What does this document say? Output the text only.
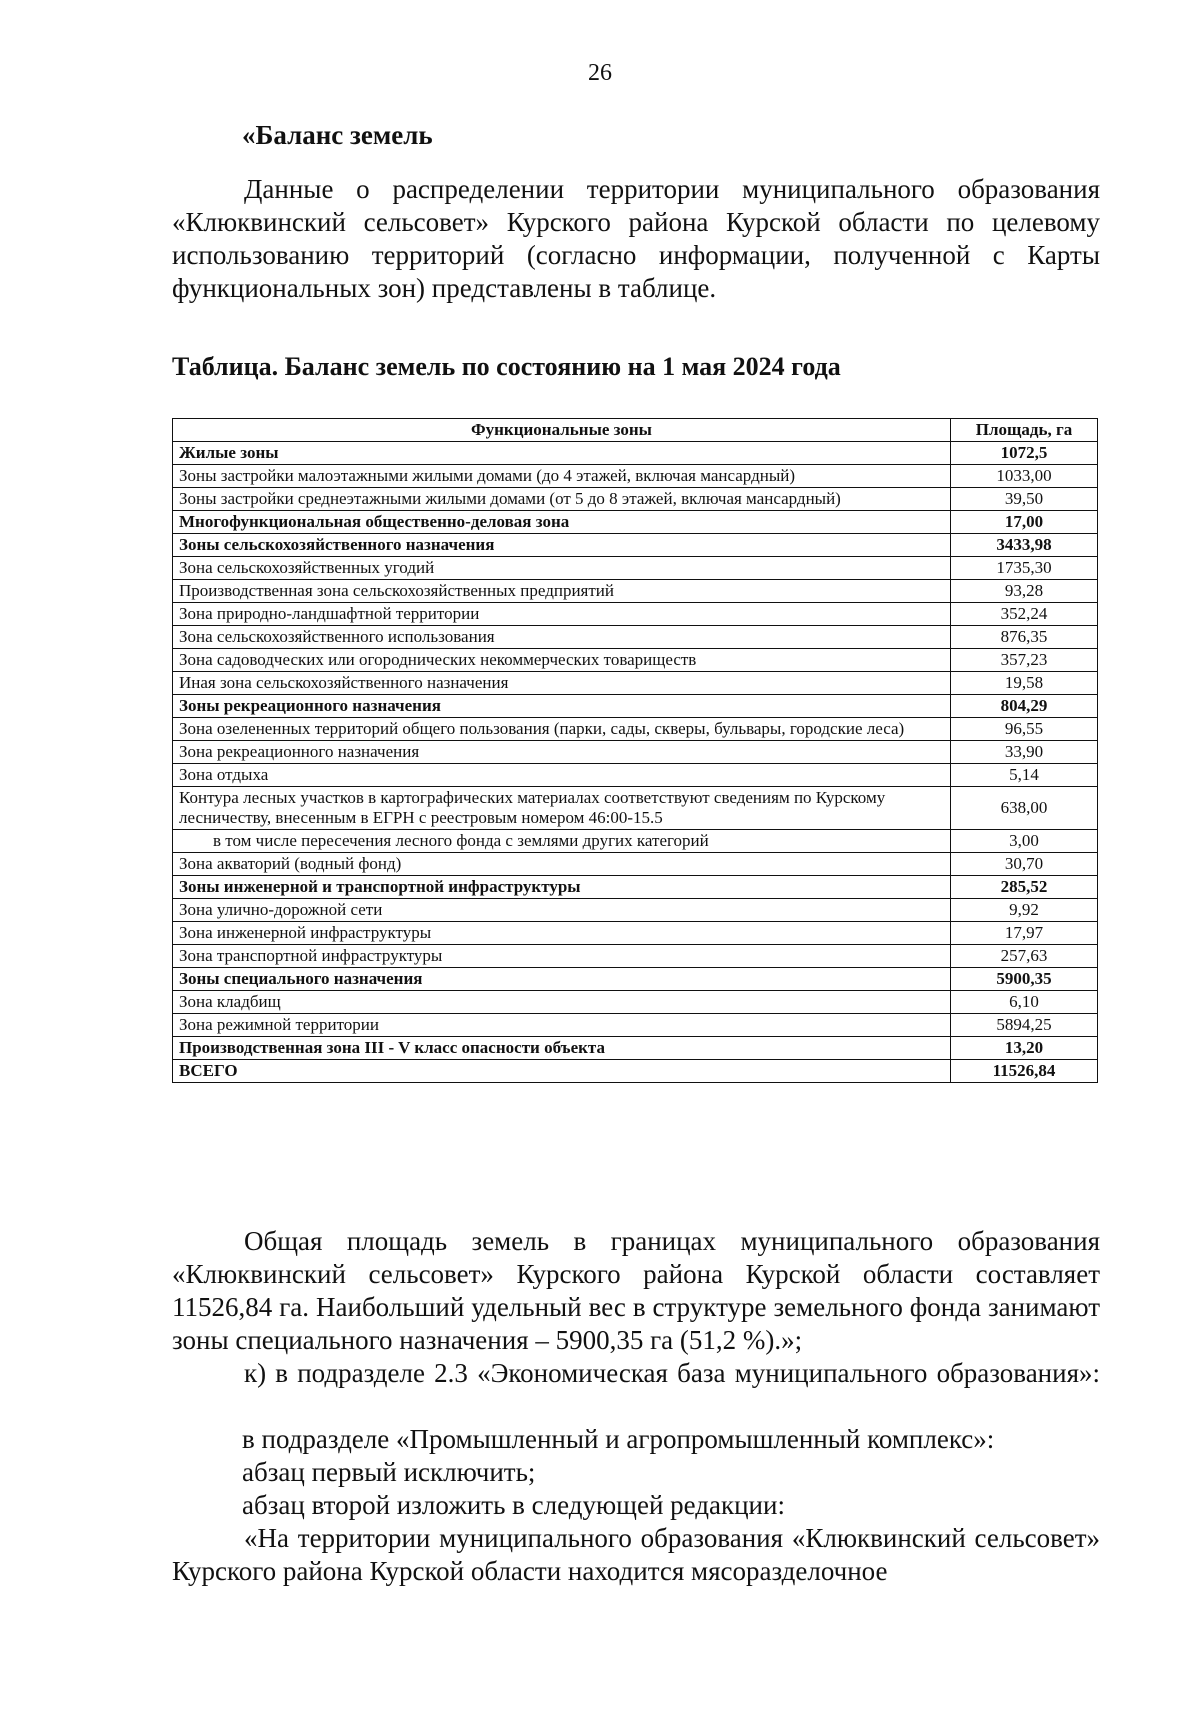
26
«Баланс земель
Данные о распределении территории муниципального образования «Клюквинский сельсовет» Курского района Курской области по целевому использованию территорий (согласно информации, полученной с Карты функциональных зон) представлены в таблице.
Таблица. Баланс земель по состоянию на 1 мая 2024 года
Функциональные зоны	Площадь, га
Жилые зоны	1072,5
Зоны застройки малоэтажными жилыми домами (до 4 этажей, включая мансардный)	1033,00
Зоны застройки среднеэтажными жилыми домами (от 5 до 8 этажей, включая мансардный)	39,50
Многофункциональная общественно-деловая зона	17,00
Зоны сельскохозяйственного назначения	3433,98
Зона сельскохозяйственных угодий	1735,30
Производственная зона сельскохозяйственных предприятий	93,28
Зона природно-ландшафтной территории	352,24
Зона сельскохозяйственного использования	876,35
Зона садоводческих или огороднических некоммерческих товариществ	357,23
Иная зона сельскохозяйственного назначения	19,58
Зоны рекреационного назначения	804,29
Зона озелененных территорий общего пользования (парки, сады, скверы, бульвары, городские леса)	96,55
Зона рекреационного назначения	33,90
Зона отдыха	5,14
Контура лесных участков в картографических материалах соответствуют сведениям по Курскому лесничеству, внесенным в ЕГРН с реестровым номером 46:00-15.5	638,00
в том числе пересечения лесного фонда с землями других категорий	3,00
Зона акваторий (водный фонд)	30,70
Зоны инженерной и транспортной инфраструктуры	285,52
Зона улично-дорожной сети	9,92
Зона инженерной инфраструктуры	17,97
Зона транспортной инфраструктуры	257,63
Зоны специального назначения	5900,35
Зона кладбищ	6,10
Зона режимной территории	5894,25
Производственная зона III - V класс опасности объекта	13,20
ВСЕГО	11526,84
Общая площадь земель в границах муниципального образования «Клюквинский сельсовет» Курского района Курской области составляет 11526,84 га. Наибольший удельный вес в структуре земельного фонда занимают зоны специального назначения – 5900,35 га (51,2 %).»;
к) в подразделе 2.3 «Экономическая база муниципального образования»:
в подразделе «Промышленный и агропромышленный комплекс»:
абзац первый исключить;
абзац второй изложить в следующей редакции:
«На территории муниципального образования «Клюквинский сельсовет» Курского района Курской области находится мясоразделочное
